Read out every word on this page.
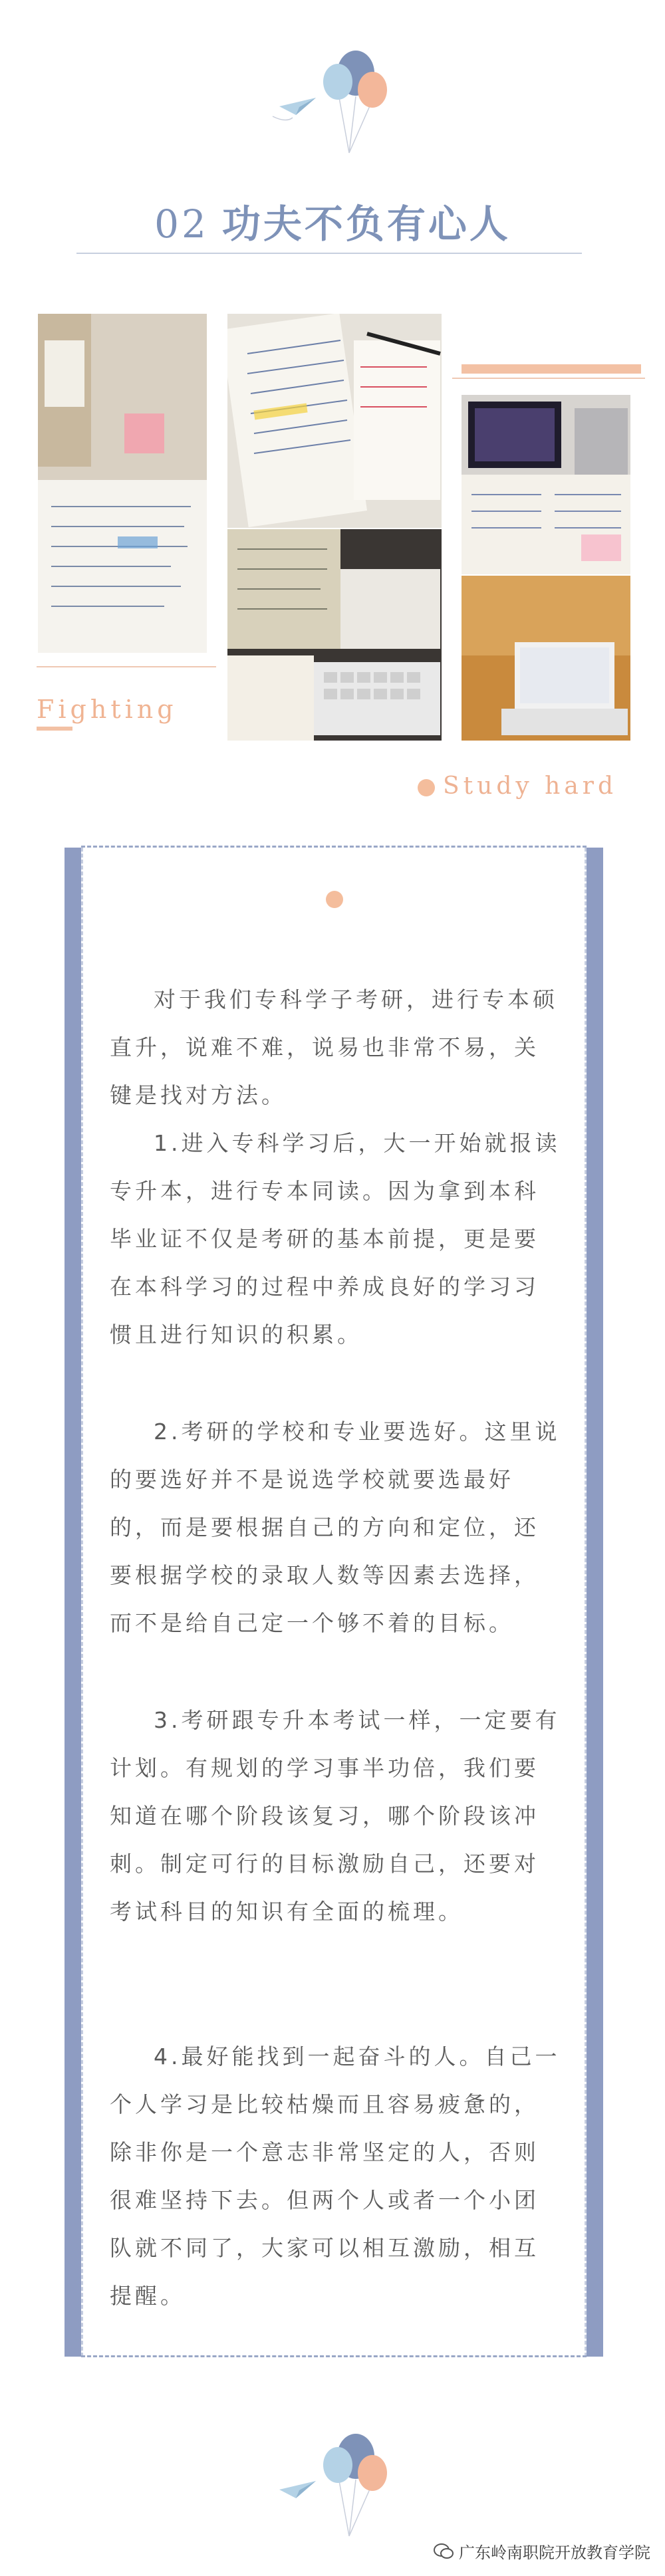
02 功夫不负有心人
Fighting
Study hard
对于我们专科学子考研，进行专本硕直升，说难不难，说易也非常不易，关键是找对方法。
1.进入专科学习后，大一开始就报读专升本，进行专本同读。因为拿到本科毕业证不仅是考研的基本前提，更是要在本科学习的过程中养成良好的学习习惯且进行知识的积累。
2.考研的学校和专业要选好。这里说的要选好并不是说选学校就要选最好的，而是要根据自己的方向和定位，还要根据学校的录取人数等因素去选择，而不是给自己定一个够不着的目标。
3.考研跟专升本考试一样，一定要有计划。有规划的学习事半功倍，我们要知道在哪个阶段该复习，哪个阶段该冲刺。制定可行的目标激励自己，还要对考试科目的知识有全面的梳理。
4.最好能找到一起奋斗的人。自己一个人学习是比较枯燥而且容易疲惫的，除非你是一个意志非常坚定的人，否则很难坚持下去。但两个人或者一个小团队就不同了，大家可以相互激励，相互提醒。
广东岭南职院开放教育学院
